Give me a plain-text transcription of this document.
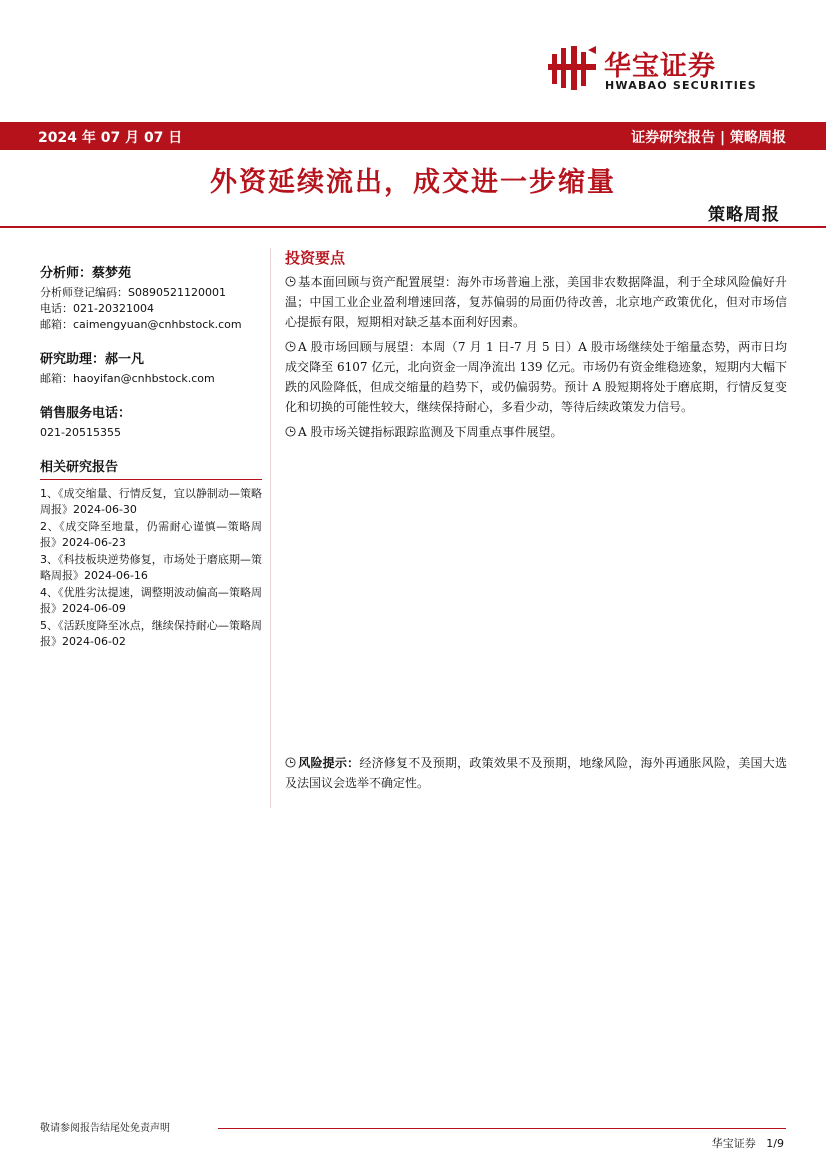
华宝证券
HWABAO SECURITIES
2024 年 07 月 07 日	证券研究报告 | 策略周报
外资延续流出，成交进一步缩量
策略周报
分析师：蔡梦苑
分析师登记编码：S0890521120001
电话：021-20321004
邮箱：caimengyuan@cnhbstock.com
研究助理：郝一凡
邮箱：haoyifan@cnhbstock.com
销售服务电话：
021-20515355
相关研究报告
1、《成交缩量、行情反复，宜以静制动—策略周报》2024-06-30
2、《成交降至地量，仍需耐心谨慎—策略周报》2024-06-23
3、《科技板块逆势修复，市场处于磨底期—策略周报》2024-06-16
4、《优胜劣汰提速，调整期波动偏高—策略周报》2024-06-09
5、《活跃度降至冰点，继续保持耐心—策略周报》2024-06-02
投资要点
基本面回顾与资产配置展望：海外市场普遍上涨，美国非农数据降温，利于全球风险偏好升温；中国工业企业盈利增速回落，复苏偏弱的局面仍待改善，北京地产政策优化，但对市场信心提振有限，短期相对缺乏基本面利好因素。
A 股市场回顾与展望：本周（7 月 1 日-7 月 5 日）A 股市场继续处于缩量态势，两市日均成交降至 6107 亿元，北向资金一周净流出 139 亿元。市场仍有资金维稳迹象，短期内大幅下跌的风险降低，但成交缩量的趋势下，或仍偏弱势。预计 A 股短期将处于磨底期，行情反复变化和切换的可能性较大，继续保持耐心，多看少动，等待后续政策发力信号。
A 股市场关键指标跟踪监测及下周重点事件展望。
风险提示：经济修复不及预期，政策效果不及预期，地缘风险，海外再通胀风险，美国大选及法国议会选举不确定性。
敬请参阅报告结尾处免责声明
华宝证券 1/9
